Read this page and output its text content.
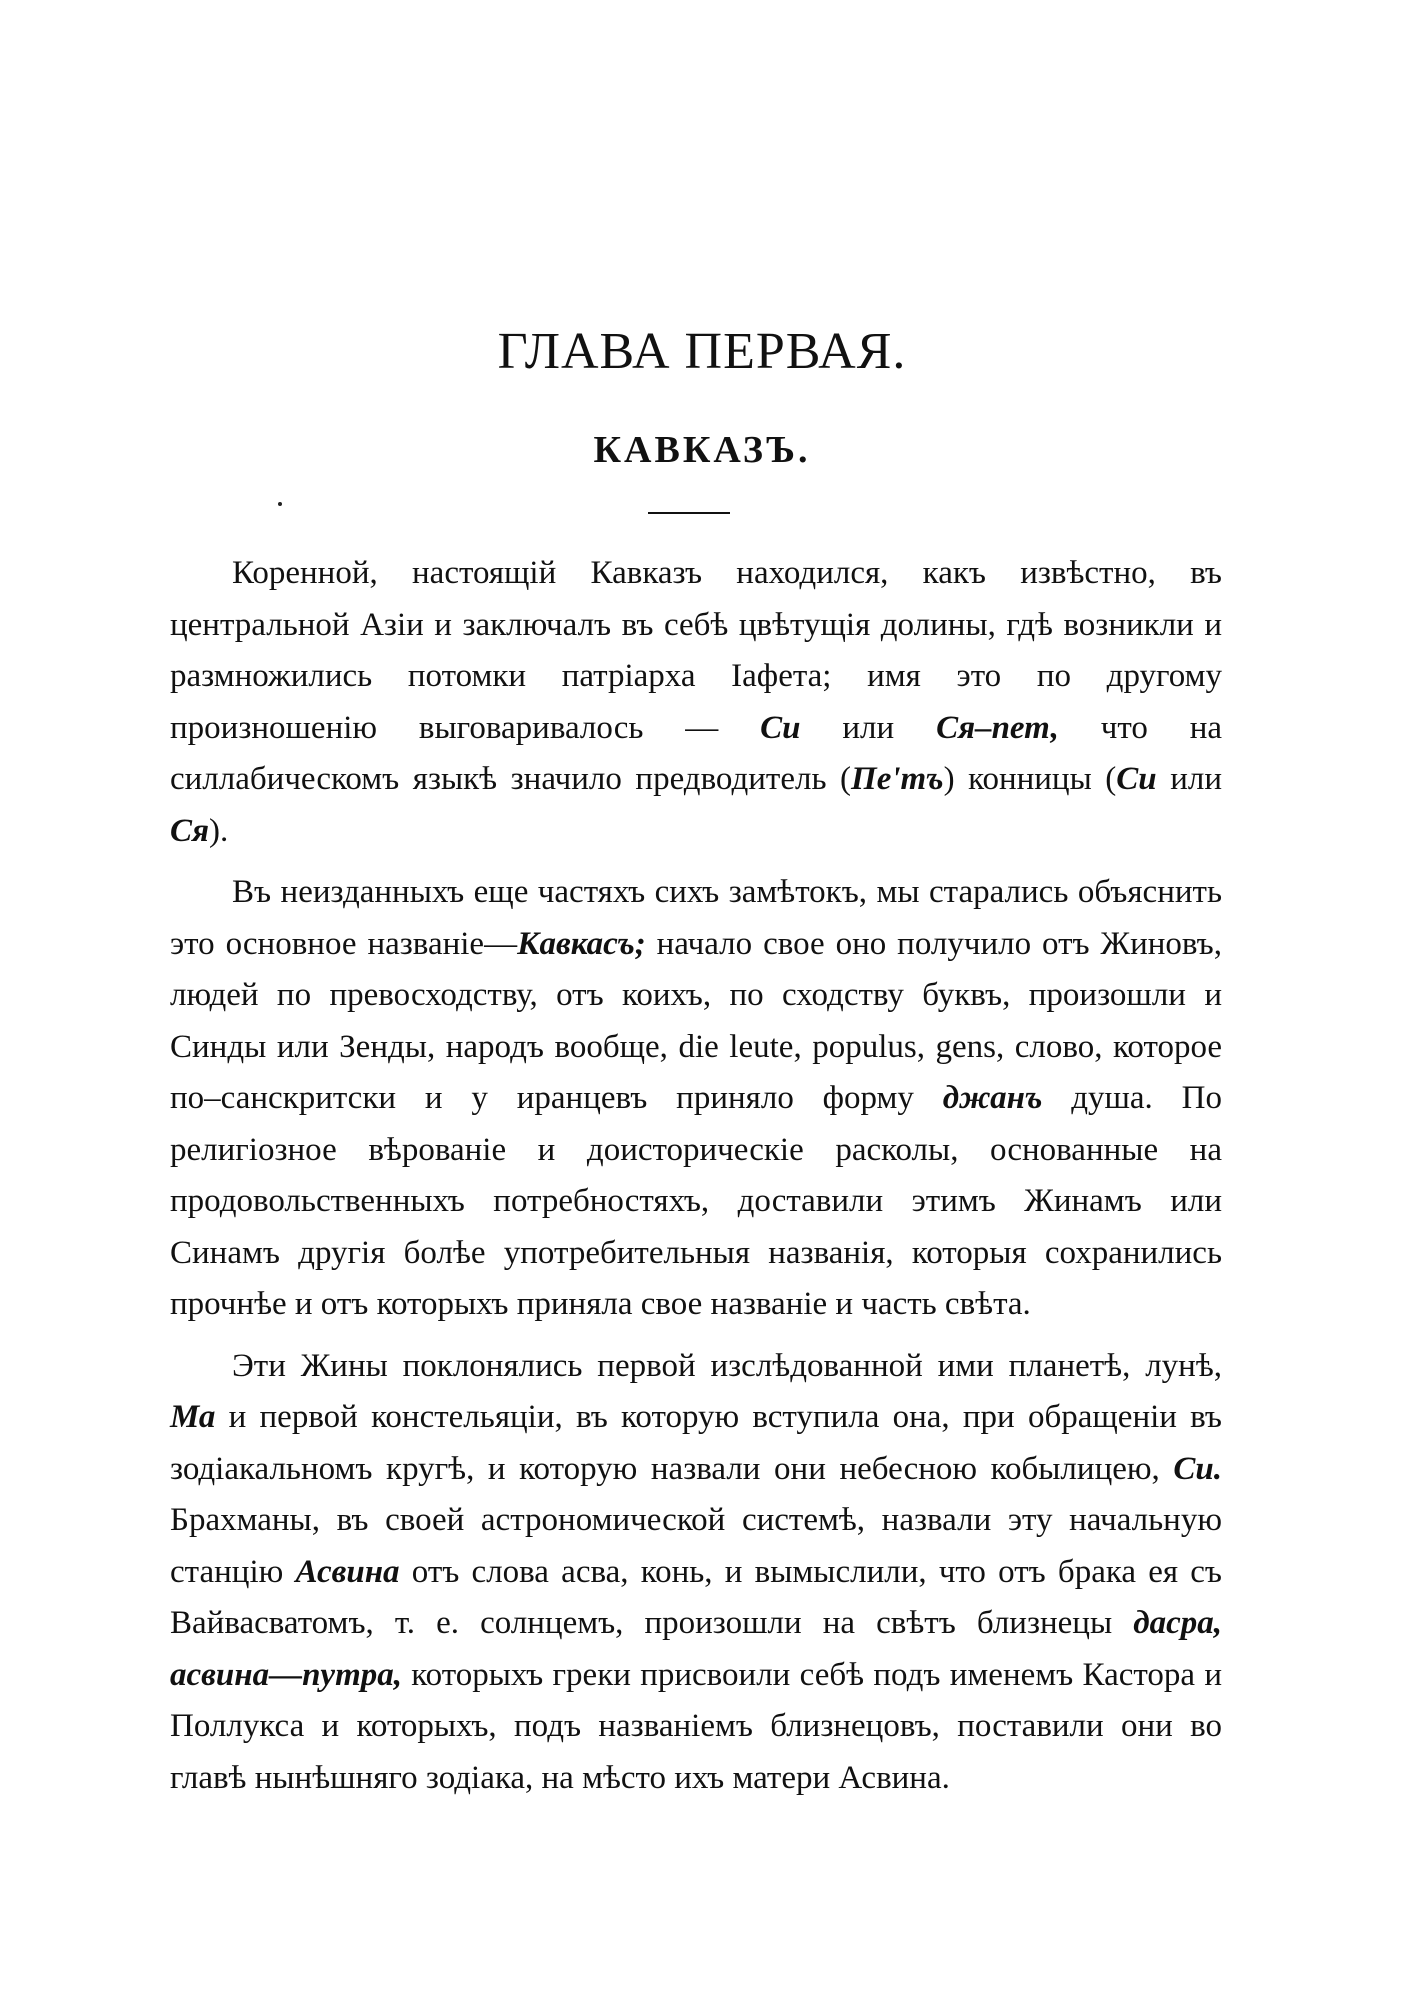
ГЛАВА ПЕРВАЯ.
КАВКАЗЪ.

Коренной, настоящій Кавказъ находился, какъ извѣстно, въ центральной Азіи и заключалъ въ себѣ цвѣтущія долины, гдѣ возникли и размножились потомки патріарха Іафета; имя это по другому произношенію выговаривалось — Си или Ся–пет, что на силлабическомъ языкѣ значило предводитель (Пе'тъ) конницы (Си или Ся).

Въ неизданныхъ еще частяхъ сихъ замѣтокъ, мы старались объяснить это основное названіе—Кавкасъ; начало свое оно получило отъ Жиновъ, людей по превосходству, отъ коихъ, по сходству буквъ, произошли и Синды или Зенды, народъ вообще, die leute, populus, gens, слово, которое по–санскритски и у иранцевъ приняло форму джанъ душа. По религіозное вѣрованіе и доисторическіе расколы, основанные на продовольственныхъ потребностяхъ, доставили этимъ Жинамъ или Синамъ другія болѣе употребительныя названія, которыя сохранились прочнѣе и отъ которыхъ приняла свое названіе и часть свѣта.

Эти Жины поклонялись первой изслѣдованной ими планетѣ, лунѣ, Ма и первой констельяціи, въ которую вступила она, при обращеніи въ зодіакальномъ кругѣ, и которую назвали они небесною кобылицею, Си. Брахманы, въ своей астрономической системѣ, назвали эту начальную станцію Асвина отъ слова асва, конь, и вымыслили, что отъ брака ея съ Вайвасватомъ, т. е. солнцемъ, произошли на свѣтъ близнецы дасра, асвина—путра, которыхъ греки присвоили себѣ подъ именемъ Кастора и Поллукса и которыхъ, подъ названіемъ близнецовъ, поставили они во главѣ нынѣшняго зодіака, на мѣсто ихъ матери Асвина.
